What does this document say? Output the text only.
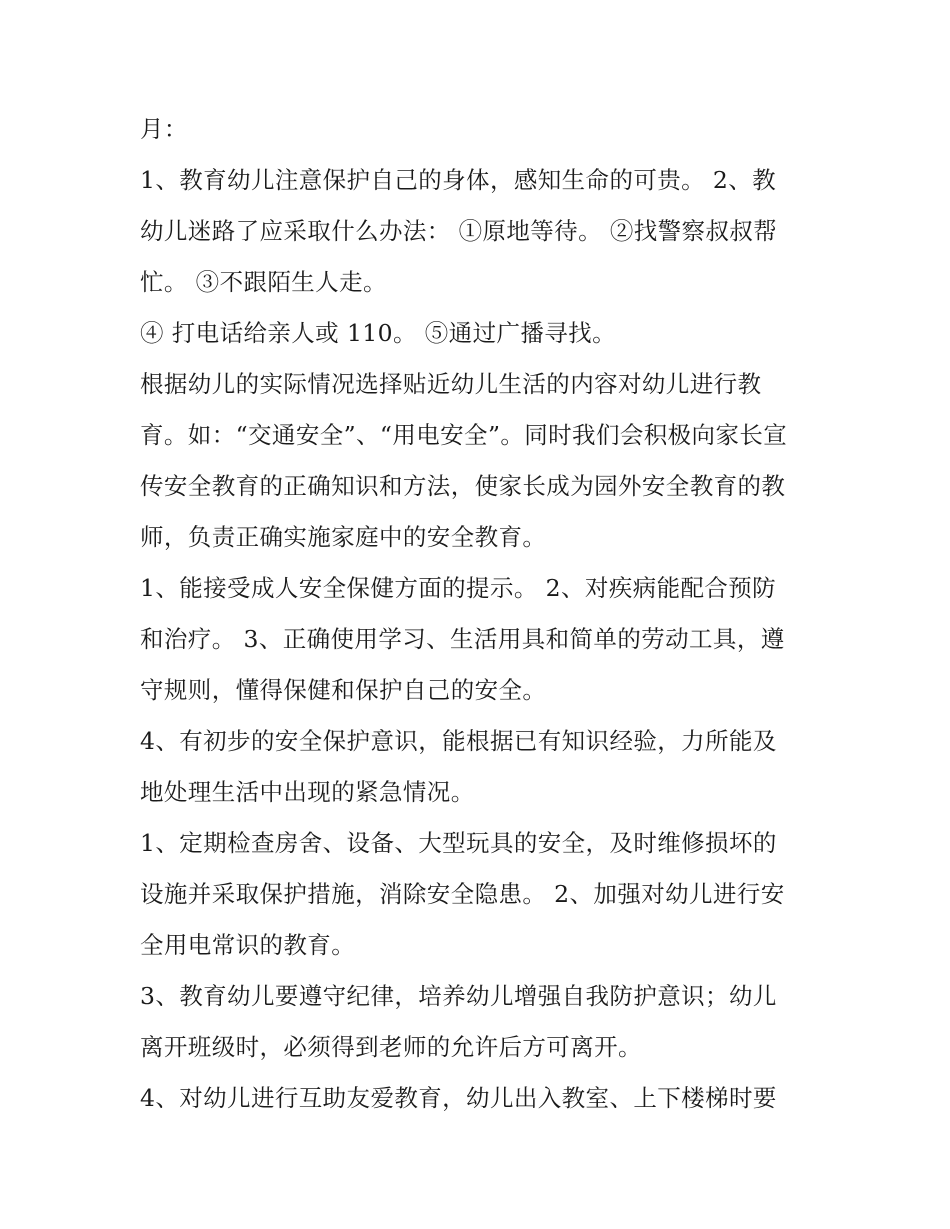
月：
1、教育幼儿注意保护自己的身体，感知生命的可贵。 2、教
幼儿迷路了应采取什么办法： ①原地等待。 ②找警察叔叔帮
忙。 ③不跟陌生人走。
④ 打电话给亲人或 110。 ⑤通过广播寻找。
根据幼儿的实际情况选择贴近幼儿生活的内容对幼儿进行教
育。如：“交通安全”、“用电安全”。同时我们会积极向家长宣
传安全教育的正确知识和方法，使家长成为园外安全教育的教
师，负责正确实施家庭中的安全教育。
1、能接受成人安全保健方面的提示。 2、对疾病能配合预防
和治疗。 3、正确使用学习、生活用具和简单的劳动工具，遵
守规则，懂得保健和保护自己的安全。
4、有初步的安全保护意识，能根据已有知识经验，力所能及
地处理生活中出现的紧急情况。
1、定期检查房舍、设备、大型玩具的安全，及时维修损坏的
设施并采取保护措施，消除安全隐患。 2、加强对幼儿进行安
全用电常识的教育。
3、教育幼儿要遵守纪律，培养幼儿增强自我防护意识；幼儿
离开班级时，必须得到老师的允许后方可离开。
4、对幼儿进行互助友爱教育，幼儿出入教室、上下楼梯时要
